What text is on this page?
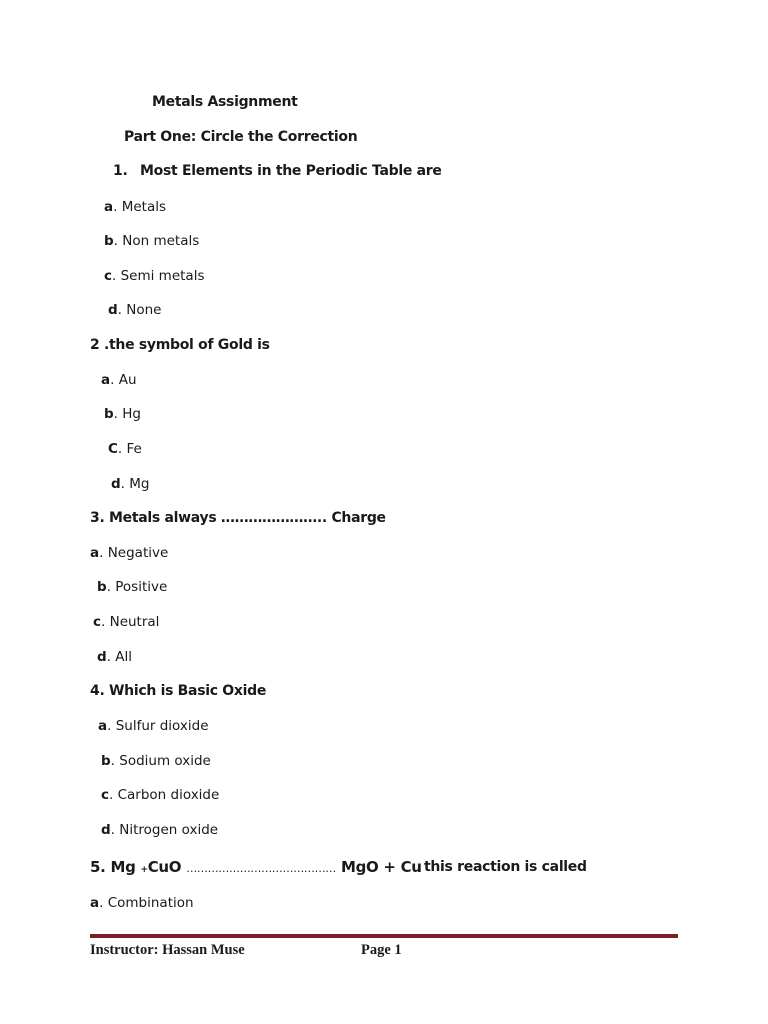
Metals Assignment
Part One: Circle the Correction
1. Most Elements in the Periodic Table are
a. Metals
b. Non metals
c. Semi metals
d. None
2 .the symbol of Gold is
a. Au
b. Hg
C. Fe
d. Mg
3. Metals always ………………….. Charge
a. Negative
b. Positive
c. Neutral
d. All
4. Which is Basic Oxide
a. Sulfur dioxide
b. Sodium oxide
c. Carbon dioxide
d. Nitrogen oxide
5. Mg +CuO …………………………………… MgO + Cu this reaction is called
a. Combination
Instructor: Hassan Muse	Page 1
